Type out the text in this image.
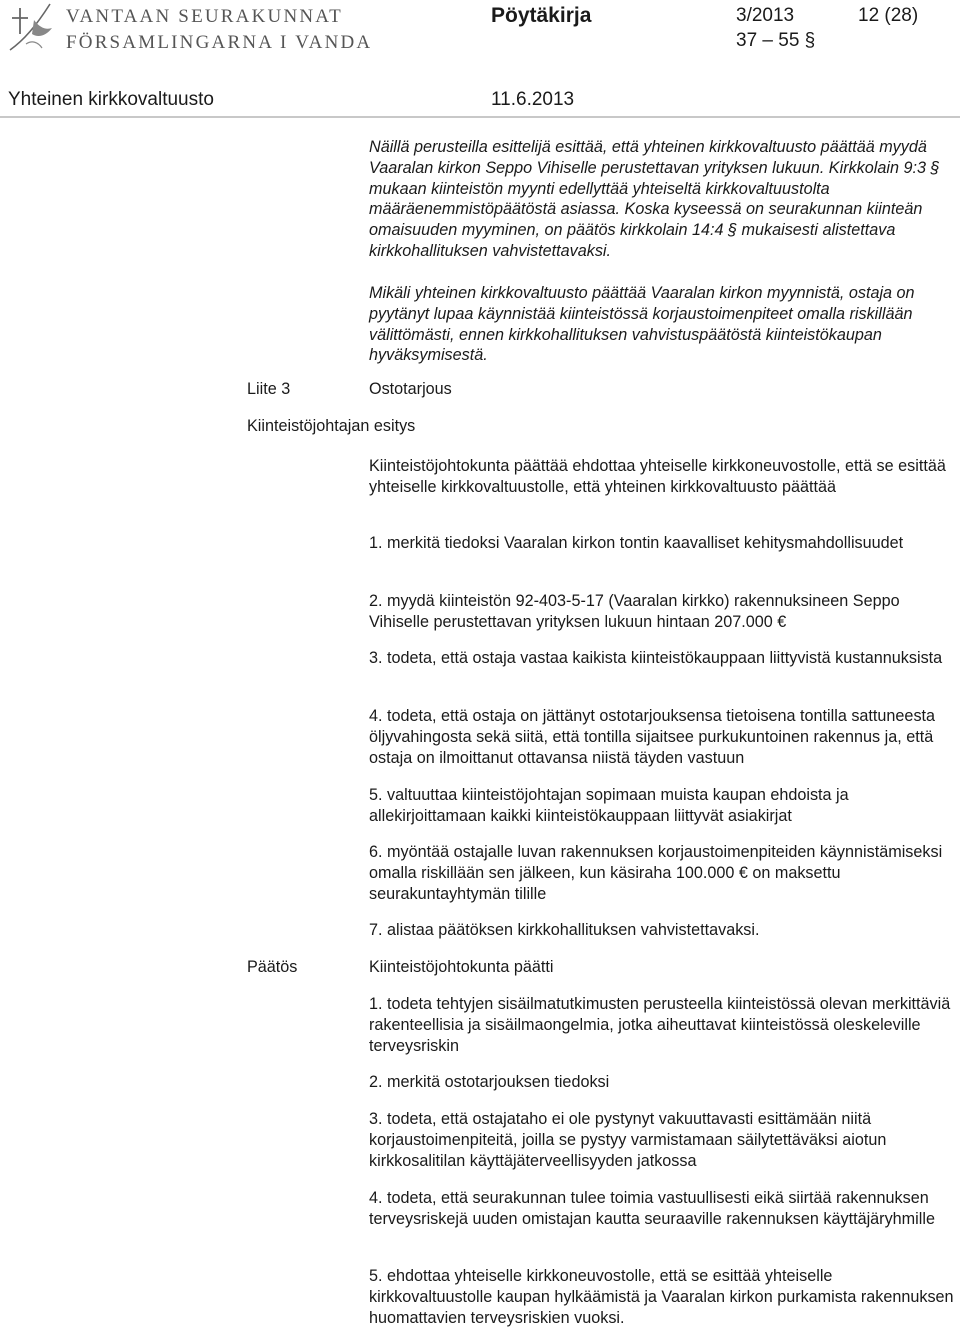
VANTAAN SEURAKUNNAT
FÖRSAMLINGARNA I VANDA
Pöytäkirja	3/2013	12 (28)
37 – 55 §
Yhteinen kirkkovaltuusto	11.6.2013
Näillä perusteilla esittelijä esittää, että yhteinen kirkkovaltuusto päättää myydä Vaaralan kirkon Seppo Vihiselle perustettavan yrityksen lukuun. Kirkkolain 9:3 § mukaan kiinteistön myynti edellyttää yhteiseltä kirkkovaltuustolta määräenemmistöpäätöstä asiassa. Koska kyseessä on seurakunnan kiinteän omaisuuden myyminen, on päätös kirkkolain 14:4 § mukaisesti alistettava kirkkohallituksen vahvistettavaksi.
Mikäli yhteinen kirkkovaltuusto päättää Vaaralan kirkon myynnistä, ostaja on pyytänyt lupaa käynnistää kiinteistössä korjaustoimenpiteet omalla riskillään välittömästi, ennen kirkkohallituksen vahvistuspäätöstä kiinteistökaupan hyväksymisestä.
Liite 3	Ostotarjous
Kiinteistöjohtajan esitys
Kiinteistöjohtokunta päättää ehdottaa yhteiselle kirkkoneuvostolle, että se esittää yhteiselle kirkkovaltuustolle, että yhteinen kirkkovaltuusto päättää
1. merkitä tiedoksi Vaaralan kirkon tontin kaavalliset kehitysmahdollisuudet
2. myydä kiinteistön 92-403-5-17 (Vaaralan kirkko) rakennuksineen Seppo Vihiselle perustettavan yrityksen lukuun hintaan 207.000 €
3. todeta, että ostaja vastaa kaikista kiinteistökauppaan liittyvistä kustannuksista
4. todeta, että ostaja on jättänyt ostotarjouksensa tietoisena tontilla sattuneesta öljyvahingosta sekä siitä, että tontilla sijaitsee purkukuntoinen rakennus ja, että ostaja on ilmoittanut ottavansa niistä täyden vastuun
5. valtuuttaa kiinteistöjohtajan sopimaan muista kaupan ehdoista ja allekirjoittamaan kaikki kiinteistökauppaan liittyvät asiakirjat
6. myöntää ostajalle luvan rakennuksen korjaustoimenpiteiden käynnistämiseksi omalla riskillään sen jälkeen, kun käsiraha 100.000 € on maksettu seurakuntayhtymän tilille
7. alistaa päätöksen kirkkohallituksen vahvistettavaksi.
Päätös	Kiinteistöjohtokunta päätti
1. todeta tehtyjen sisäilmatutkimusten perusteella kiinteistössä olevan merkittäviä rakenteellisia ja sisäilmaongelmia, jotka aiheuttavat kiinteistössä oleskeleville terveysriskin
2. merkitä ostotarjouksen tiedoksi
3. todeta, että ostajataho ei ole pystynyt vakuuttavasti esittämään niitä korjaustoimenpiteitä, joilla se pystyy varmistamaan säilytettäväksi aiotun kirkkosalitilan käyttäjäterveellisyyden jatkossa
4. todeta, että seurakunnan tulee toimia vastuullisesti eikä siirtää rakennuksen terveysriskejä uuden omistajan kautta seuraaville rakennuksen käyttäjäryhmille
5. ehdottaa yhteiselle kirkkoneuvostolle, että se esittää yhteiselle kirkkovaltuustolle kaupan hylkäämistä ja Vaaralan kirkon purkamista rakennuksen huomattavien terveysriskien vuoksi.
